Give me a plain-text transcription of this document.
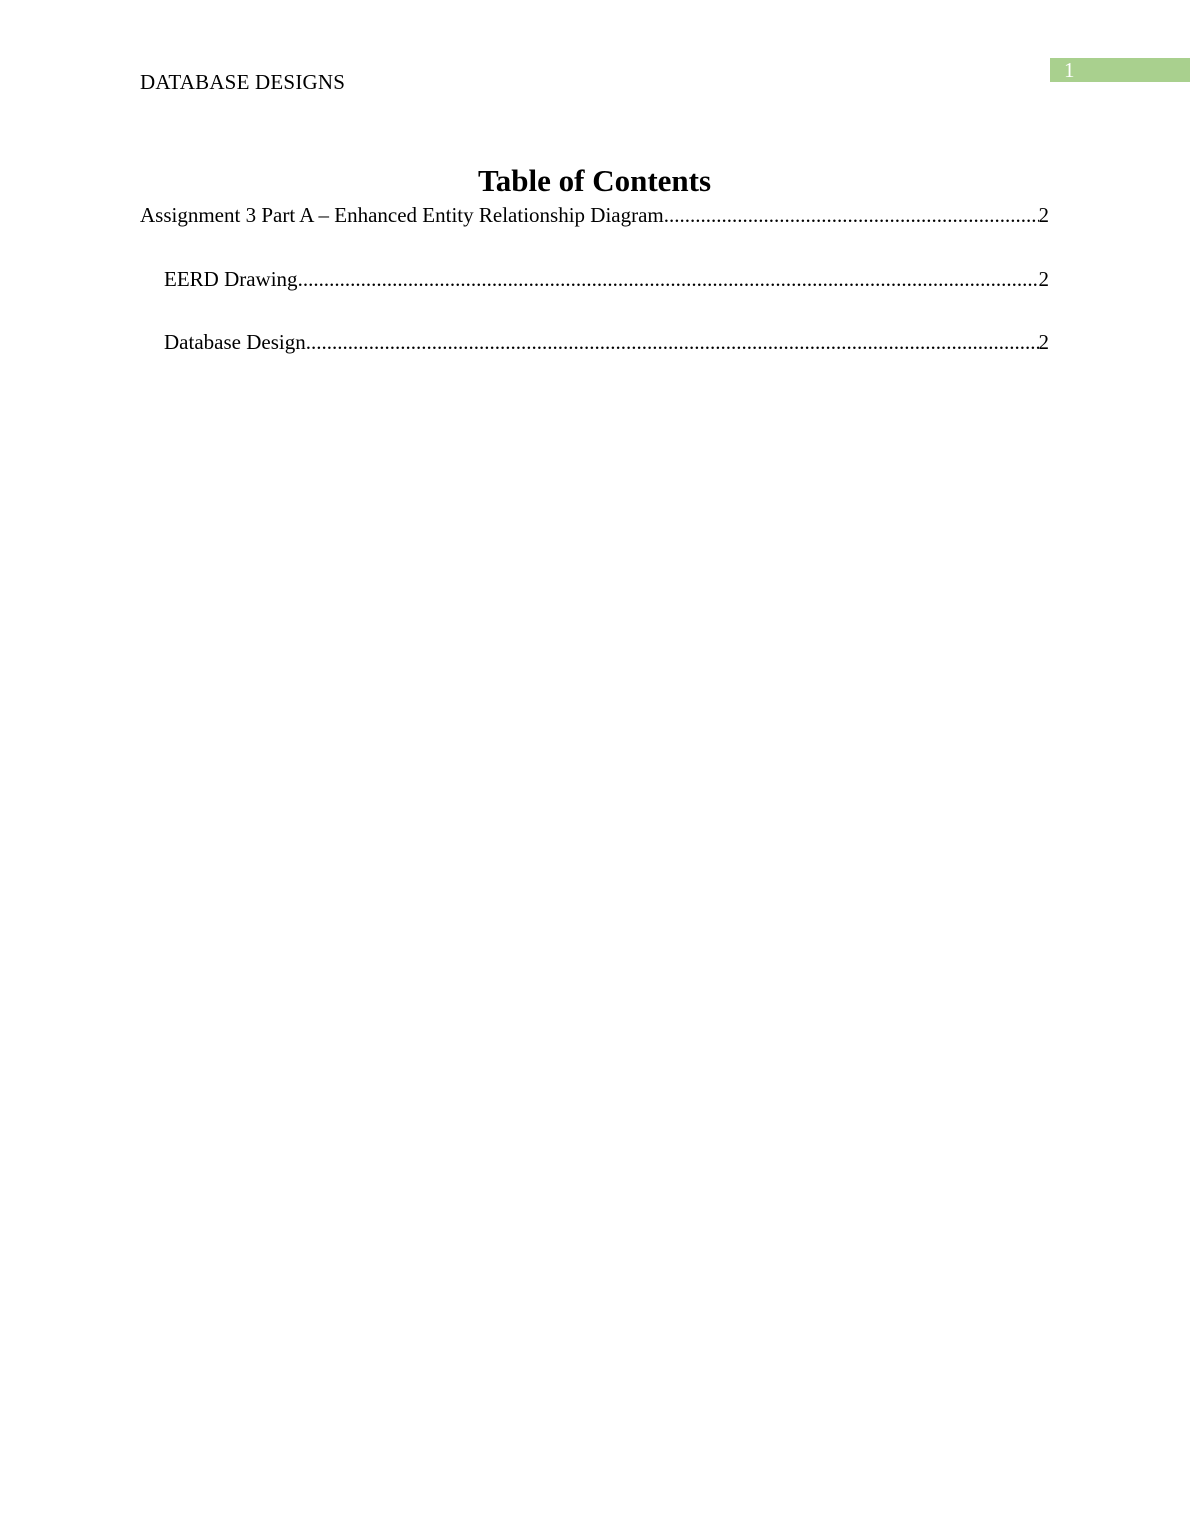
DATABASE DESIGNS	1
Table of Contents
Assignment 3 Part A – Enhanced Entity Relationship Diagram .....	2
EERD Drawing .....	2
Database Design .....	2
